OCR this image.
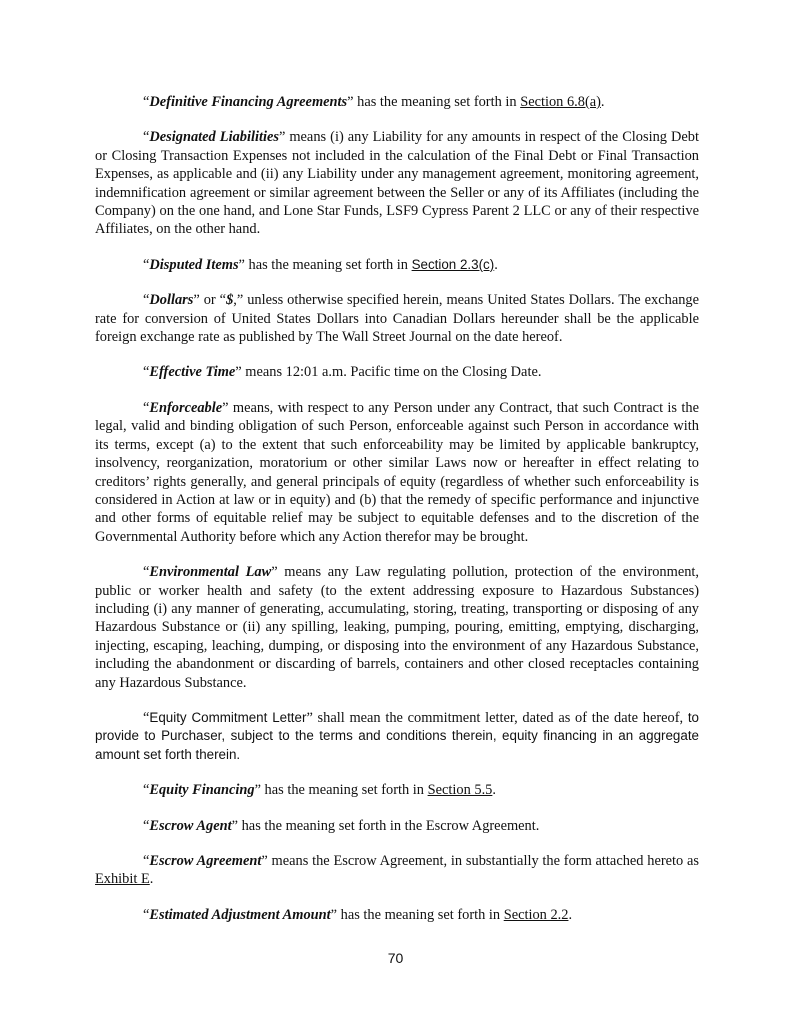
“Definitive Financing Agreements” has the meaning set forth in Section 6.8(a).

“Designated Liabilities” means (i) any Liability for any amounts in respect of the Closing Debt or Closing Transaction Expenses not included in the calculation of the Final Debt or Final Transaction Expenses, as applicable and (ii) any Liability under any management agreement, monitoring agreement, indemnification agreement or similar agreement between the Seller or any of its Affiliates (including the Company) on the one hand, and Lone Star Funds, LSF9 Cypress Parent 2 LLC or any of their respective Affiliates, on the other hand.

“Disputed Items” has the meaning set forth in Section 2.3(c).

“Dollars” or “$,” unless otherwise specified herein, means United States Dollars. The exchange rate for conversion of United States Dollars into Canadian Dollars hereunder shall be the applicable foreign exchange rate as published by The Wall Street Journal on the date hereof.

“Effective Time” means 12:01 a.m. Pacific time on the Closing Date.

“Enforceable” means, with respect to any Person under any Contract, that such Contract is the legal, valid and binding obligation of such Person, enforceable against such Person in accordance with its terms, except (a) to the extent that such enforceability may be limited by applicable bankruptcy, insolvency, reorganization, moratorium or other similar Laws now or hereafter in effect relating to creditors’ rights generally, and general principals of equity (regardless of whether such enforceability is considered in Action at law or in equity) and (b) that the remedy of specific performance and injunctive and other forms of equitable relief may be subject to equitable defenses and to the discretion of the Governmental Authority before which any Action therefor may be brought.

“Environmental Law” means any Law regulating pollution, protection of the environment, public or worker health and safety (to the extent addressing exposure to Hazardous Substances) including (i) any manner of generating, accumulating, storing, treating, transporting or disposing of any Hazardous Substance or (ii) any spilling, leaking, pumping, pouring, emitting, emptying, discharging, injecting, escaping, leaching, dumping, or disposing into the environment of any Hazardous Substance, including the abandonment or discarding of barrels, containers and other closed receptacles containing any Hazardous Substance.

“Equity Commitment Letter” shall mean the commitment letter, dated as of the date hereof, to provide to Purchaser, subject to the terms and conditions therein, equity financing in an aggregate amount set forth therein.

“Equity Financing” has the meaning set forth in Section 5.5.

“Escrow Agent” has the meaning set forth in the Escrow Agreement.

“Escrow Agreement” means the Escrow Agreement, in substantially the form attached hereto as Exhibit E.

“Estimated Adjustment Amount” has the meaning set forth in Section 2.2.

70
